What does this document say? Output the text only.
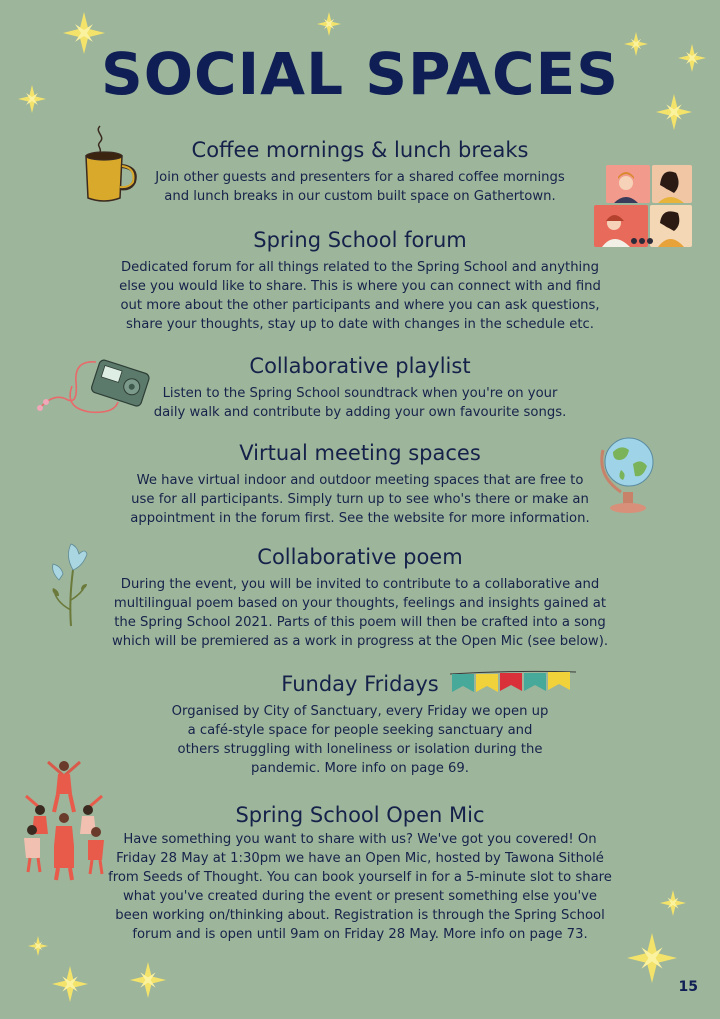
SOCIAL SPACES
Coffee mornings & lunch breaks

Join other guests and presenters for a shared coffee mornings and lunch breaks in our custom built space on Gathertown.

Spring School forum

Dedicated forum for all things related to the Spring School and anything else you would like to share. This is where you can connect with and find out more about the other participants and where you can ask questions, share your thoughts, stay up to date with changes in the schedule etc.

Collaborative playlist

Listen to the Spring School soundtrack when you're on your daily walk and contribute by adding your own favourite songs.

Virtual meeting spaces

We have virtual indoor and outdoor meeting spaces that are free to use for all participants. Simply turn up to see who's there or make an appointment in the forum first. See the website for more information.

Collaborative poem

During the event, you will be invited to contribute to a collaborative and multilingual poem based on your thoughts, feelings and insights gained at the Spring School 2021. Parts of this poem will then be crafted into a song which will be premiered as a work in progress at the Open Mic (see below).

Funday Fridays

Organised by City of Sanctuary, every Friday we open up a café-style space for people seeking sanctuary and others struggling with loneliness or isolation during the pandemic. More info on page 69.

Spring School Open Mic

Have something you want to share with us? We've got you covered! On Friday 28 May at 1:30pm we have an Open Mic, hosted by Tawona Sitholé from Seeds of Thought. You can book yourself in for a 5-minute slot to share what you've created during the event or present something else you've been working on/thinking about. Registration is through the Spring School forum and is open until 9am on Friday 28 May. More info on page 73.

15
